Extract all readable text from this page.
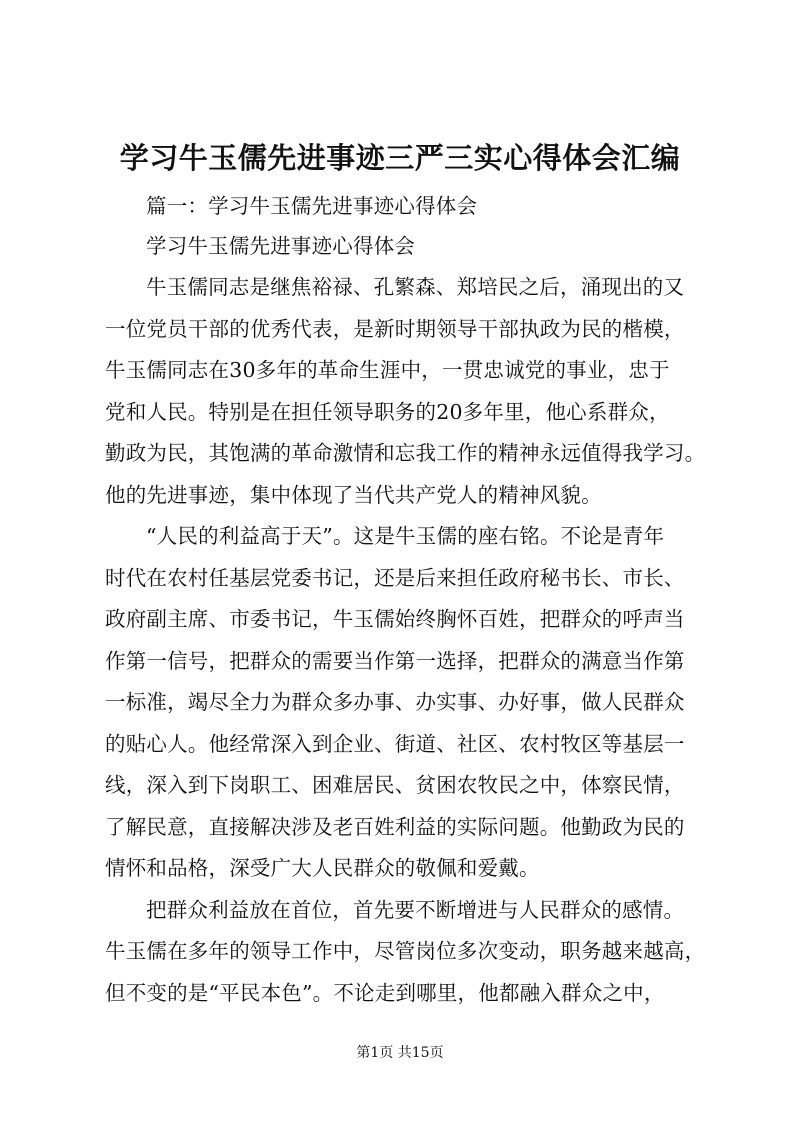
学习牛玉儒先进事迹三严三实心得体会汇编
篇一：学习牛玉儒先进事迹心得体会
学习牛玉儒先进事迹心得体会
牛玉儒同志是继焦裕禄、孔繁森、郑培民之后，涌现出的又
一位党员干部的优秀代表，是新时期领导干部执政为民的楷模，
牛玉儒同志在30多年的革命生涯中，一贯忠诚党的事业，忠于
党和人民。特别是在担任领导职务的20多年里，他心系群众，
勤政为民，其饱满的革命激情和忘我工作的精神永远值得我学习。
他的先进事迹，集中体现了当代共产党人的精神风貌。
“人民的利益高于天”。这是牛玉儒的座右铭。不论是青年
时代在农村任基层党委书记，还是后来担任政府秘书长、市长、
政府副主席、市委书记，牛玉儒始终胸怀百姓，把群众的呼声当
作第一信号，把群众的需要当作第一选择，把群众的满意当作第
一标准，竭尽全力为群众多办事、办实事、办好事，做人民群众
的贴心人。他经常深入到企业、街道、社区、农村牧区等基层一
线，深入到下岗职工、困难居民、贫困农牧民之中，体察民情，
了解民意，直接解决涉及老百姓利益的实际问题。他勤政为民的
情怀和品格，深受广大人民群众的敬佩和爱戴。
把群众利益放在首位，首先要不断增进与人民群众的感情。
牛玉儒在多年的领导工作中，尽管岗位多次变动，职务越来越高，
但不变的是“平民本色”。不论走到哪里，他都融入群众之中，
第1页 共15页
